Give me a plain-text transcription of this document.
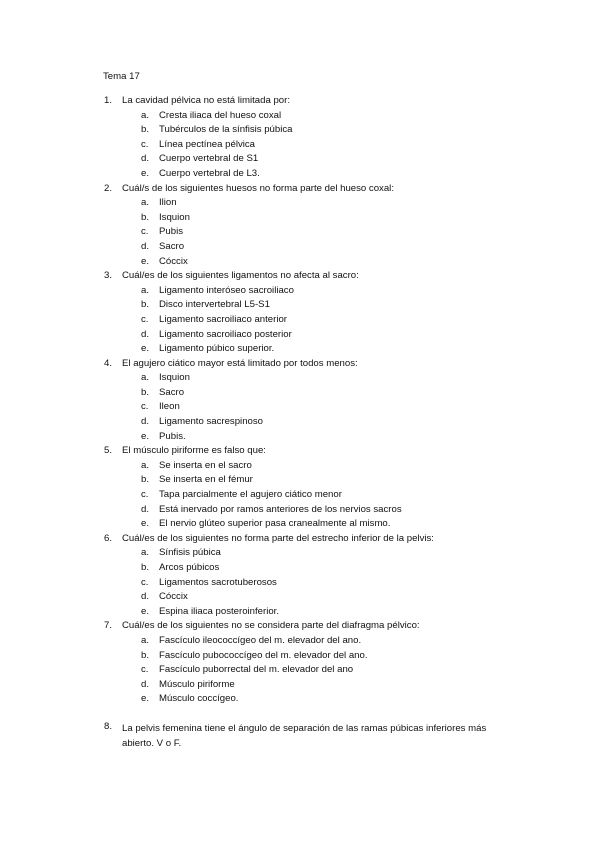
Tema 17
1. La cavidad pélvica no está limitada por:
a. Cresta iliaca del hueso coxal
b. Tubérculos de la sínfisis púbica
c. Línea pectínea pélvica
d. Cuerpo vertebral de S1
e. Cuerpo vertebral de L3.
2. Cuál/s de los siguientes huesos no forma parte del hueso coxal:
a. Ilion
b. Isquion
c. Pubis
d. Sacro
e. Cóccix
3. Cuál/es de los siguientes ligamentos no afecta al sacro:
a. Ligamento interóseo sacroiliaco
b. Disco intervertebral L5-S1
c. Ligamento sacroiliaco anterior
d. Ligamento sacroiliaco posterior
e. Ligamento púbico superior.
4. El agujero ciático mayor está limitado por todos menos:
a. Isquion
b. Sacro
c. Ileon
d. Ligamento sacrespinoso
e. Pubis.
5. El músculo piriforme es falso que:
a. Se inserta en el sacro
b. Se inserta en el fémur
c. Tapa parcialmente el agujero ciático menor
d. Está inervado por ramos anteriores de los nervios sacros
e. El nervio glúteo superior pasa cranealmente al mismo.
6. Cuál/es de los siguientes no forma parte del estrecho inferior de la pelvis:
a. Sínfisis púbica
b. Arcos púbicos
c. Ligamentos sacrotuberosos
d. Cóccix
e. Espina iliaca posteroinferior.
7. Cuál/es de los siguientes no se considera parte del diafragma pélvico:
a. Fascículo ileococcígeo del m. elevador del ano.
b. Fascículo pubococcígeo del m. elevador del ano.
c. Fascículo puborrectal del m. elevador del ano
d. Músculo piriforme
e. Músculo coccígeo.
8. La pelvis femenina tiene el ángulo de separación de las ramas púbicas inferiores más abierto. V o F.
